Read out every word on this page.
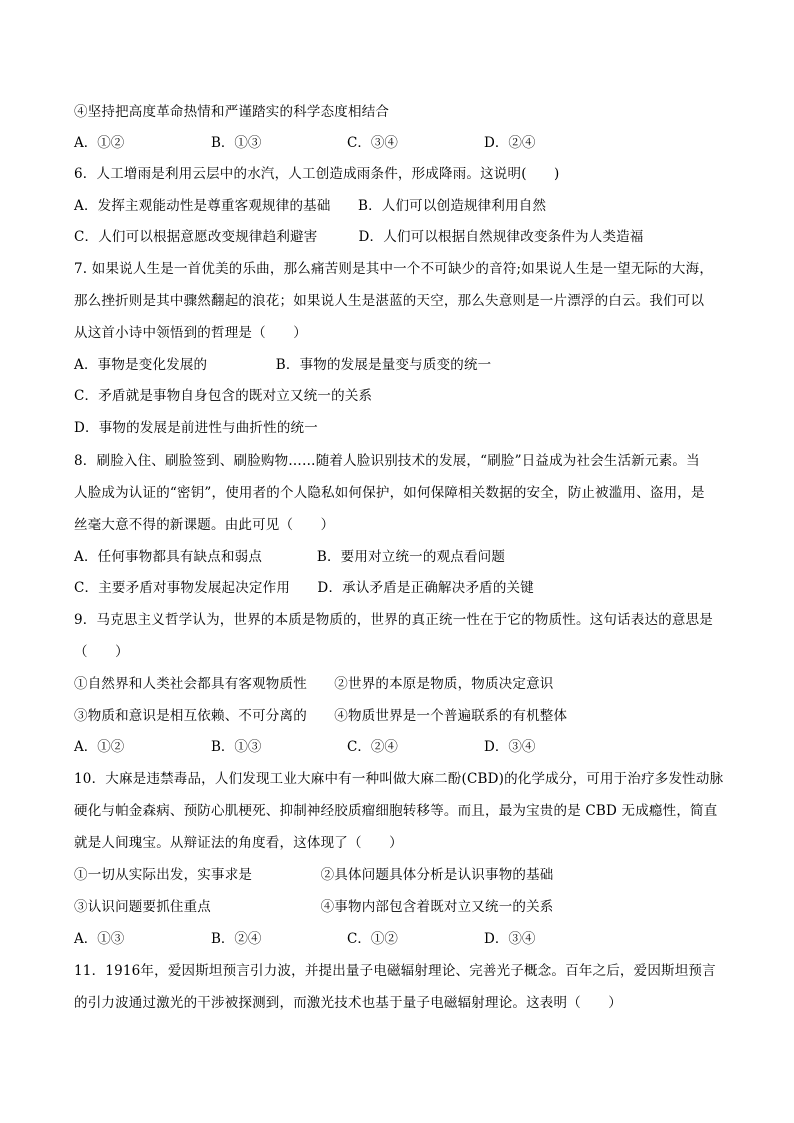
④坚持把高度革命热情和严谨踏实的科学态度相结合
A．①②	B．①③	C．③④	D．②④
6．人工增雨是利用云层中的水汽，人工创造成雨条件，形成降雨。这说明(　　)
A．发挥主观能动性是尊重客观规律的基础　　B．人们可以创造规律利用自然
C．人们可以根据意愿改变规律趋利避害　　　D．人们可以根据自然规律改变条件为人类造福
7. 如果说人生是一首优美的乐曲，那么痛苦则是其中一个不可缺少的音符;如果说人生是一望无际的大海，
那么挫折则是其中骤然翻起的浪花；如果说人生是湛蓝的天空，那么失意则是一片漂浮的白云。我们可以
从这首小诗中领悟到的哲理是（　　）
A．事物是变化发展的　　　　　B．事物的发展是量变与质变的统一
C．矛盾就是事物自身包含的既对立又统一的关系
D．事物的发展是前进性与曲折性的统一
8．刷脸入住、刷脸签到、刷脸购物……随着人脸识别技术的发展，“刷脸”日益成为社会生活新元素。当
人脸成为认证的“密钥”，使用者的个人隐私如何保护，如何保障相关数据的安全，防止被滥用、盗用，是
丝毫大意不得的新课题。由此可见（　　）
A．任何事物都具有缺点和弱点　　　　B．要用对立统一的观点看问题
C．主要矛盾对事物发展起决定作用　　D．承认矛盾是正确解决矛盾的关键
9．马克思主义哲学认为，世界的本质是物质的，世界的真正统一性在于它的物质性。这句话表达的意思是
（　　）
①自然界和人类社会都具有客观物质性　　②世界的本原是物质，物质决定意识
③物质和意识是相互依赖、不可分离的　　④物质世界是一个普遍联系的有机整体
A．①②	B．①③	C．②④	D．③④
10．大麻是违禁毒品，人们发现工业大麻中有一种叫做大麻二酚(CBD)的化学成分，可用于治疗多发性动脉
硬化与帕金森病、预防心肌梗死、抑制神经胶质瘤细胞转移等。而且，最为宝贵的是 CBD 无成瘾性，简直
就是人间瑰宝。从辩证法的角度看，这体现了（　　）
①一切从实际出发，实事求是　　　　　②具体问题具体分析是认识事物的基础
③认识问题要抓住重点　　　　　　　　④事物内部包含着既对立又统一的关系
A．①③	B．②④	C．①②	D．③④
11．1916年，爱因斯坦预言引力波，并提出量子电磁辐射理论、完善光子概念。百年之后，爱因斯坦预言
的引力波通过激光的干涉被探测到，而激光技术也基于量子电磁辐射理论。这表明（　　）
